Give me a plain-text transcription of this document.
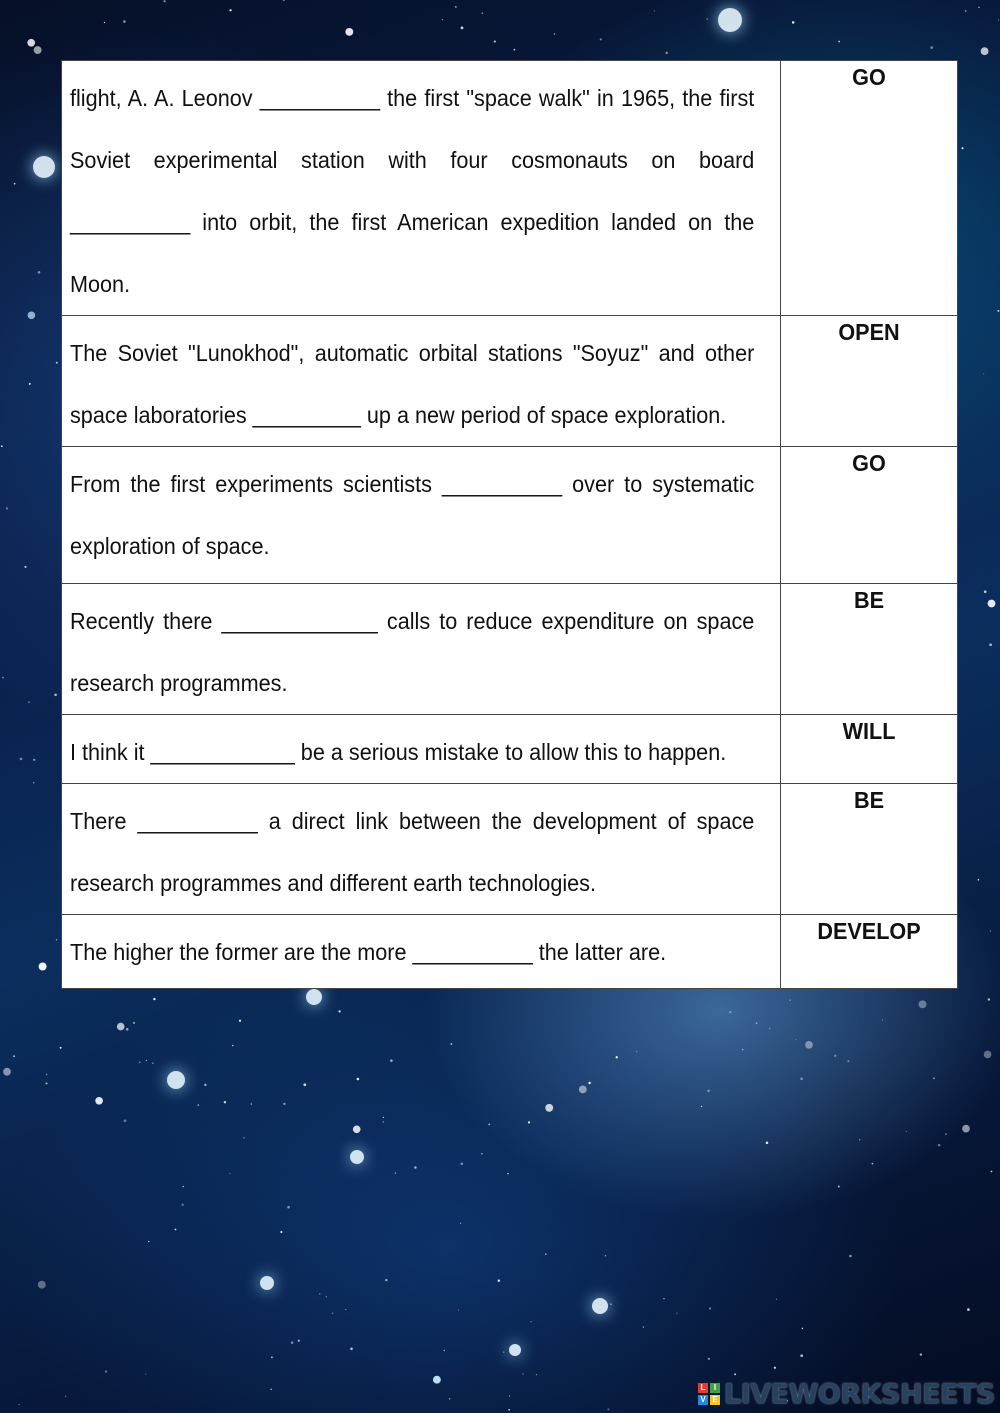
flight, A. A. Leonov __________ the first "space walk" in 1965, the first Soviet experimental station with four cosmonauts on board __________ into orbit, the first American expedition landed on the Moon.	GO

The Soviet "Lunokhod", automatic orbital stations "Soyuz" and other space laboratories _________ up a new period of space exploration.	OPEN

From the first experiments scientists __________ over to systematic exploration of space.	GO

Recently there _____________ calls to reduce expenditure on space research programmes.	BE

I think it ____________ be a serious mistake to allow this to happen.	WILL

There __________ a direct link between the development of space research programmes and different earth technologies.	BE

The higher the former are the more __________ the latter are.	DEVELOP
L	I
V E LIVEWORKSHEETS
